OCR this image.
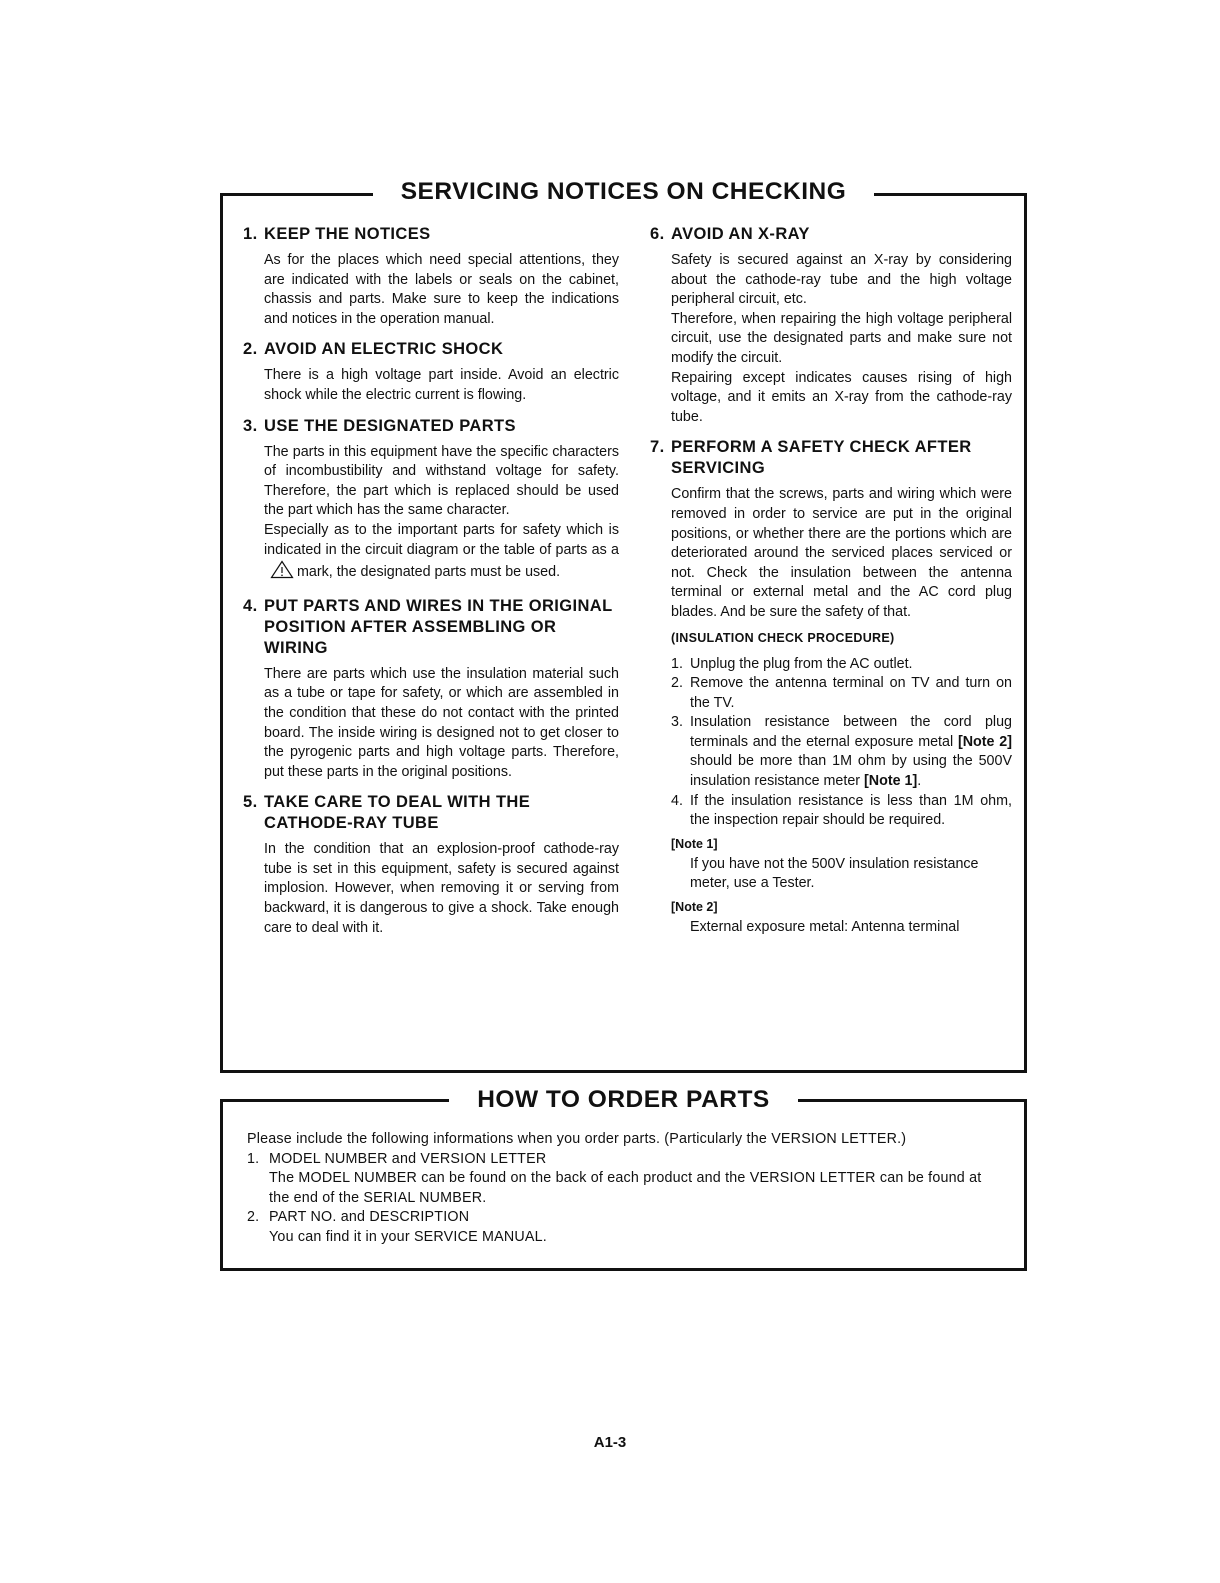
SERVICING NOTICES ON CHECKING
1. KEEP THE NOTICES
As for the places which need special attentions, they are indicated with the labels or seals on the cabinet, chassis and parts. Make sure to keep the indications and notices in the operation manual.
2. AVOID AN ELECTRIC SHOCK
There is a high voltage part inside. Avoid an electric shock while the electric current is flowing.
3. USE THE DESIGNATED PARTS

The parts in this equipment have the specific characters of incombustibility and withstand voltage for safety. Therefore, the part which is replaced should be used the part which has the same character.

Especially as to the important parts for safety which is indicated in the circuit diagram or the table of parts as amark, the designated parts must be used.

4. PUT PARTS AND WIRES IN THE ORIGINAL POSITION AFTER ASSEMBLING OR WIRING
There are parts which use the insulation material such as a tube or tape for safety, or which are assembled in the condition that these do not contact with the printed board. The inside wiring is designed not to get closer to the pyrogenic parts and high voltage parts. Therefore, put these parts in the original positions.
5. TAKE CARE TO DEAL WITH THE CATHODE-RAY TUBE
In the condition that an explosion-proof cathode-ray tube is set in this equipment, safety is secured against implosion. However, when removing it or serving from backward, it is dangerous to give a shock. Take enough care to deal with it.
6. AVOID AN X-RAY

Safety is secured against an X-ray by considering about the cathode-ray tube and the high voltage peripheral circuit, etc.

Therefore, when repairing the high voltage peripheral circuit, use the designated parts and make sure not modify the circuit.

Repairing except indicates causes rising of high voltage, and it emits an X-ray from the cathode-ray tube.

7. PERFORM A SAFETY CHECK AFTER SERVICING
Confirm that the screws, parts and wiring which were removed in order to service are put in the original positions, or whether there are the portions which are deteriorated around the serviced places serviced or not. Check the insulation between the antenna terminal or external metal and the AC cord plug blades. And be sure the safety of that.
(INSULATION CHECK PROCEDURE)
1. Unplug the plug from the AC outlet.
2. Remove the antenna terminal on TV and turn on the TV.
3. Insulation resistance between the cord plug terminals and the eternal exposure metal [Note 2] should be more than 1M ohm by using the 500V insulation resistance meter [Note 1].
4. If the insulation resistance is less than 1M ohm, the inspection repair should be required.
[Note 1]
If you have not the 500V insulation resistance meter, use a Tester.
[Note 2]
External exposure metal: Antenna terminal
HOW TO ORDER PARTS
Please include the following informations when you order parts. (Particularly the VERSION LETTER.)
1. MODEL NUMBER and VERSION LETTER
The MODEL NUMBER can be found on the back of each product and the VERSION LETTER can be found at the end of the SERIAL NUMBER.
2. PART NO. and DESCRIPTION
You can find it in your SERVICE MANUAL.
A1-3
